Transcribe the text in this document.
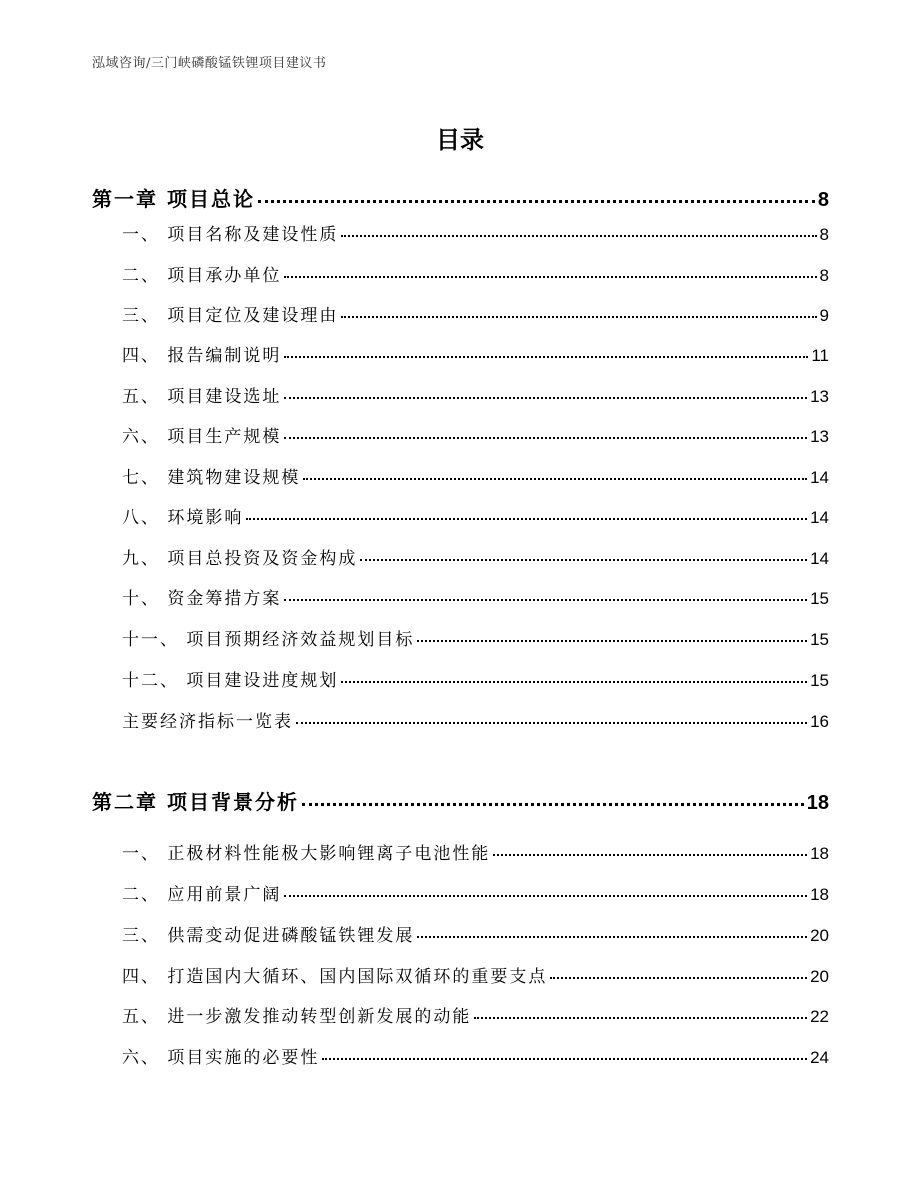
泓域咨询/三门峡磷酸锰铁锂项目建议书
目录
第一章 项目总论	8
一、 项目名称及建设性质	8
二、 项目承办单位	8
三、 项目定位及建设理由	9
四、 报告编制说明	11
五、 项目建设选址	13
六、 项目生产规模	13
七、 建筑物建设规模	14
八、 环境影响	14
九、 项目总投资及资金构成	14
十、 资金筹措方案	15
十一、 项目预期经济效益规划目标	15
十二、 项目建设进度规划	15
主要经济指标一览表	16
第二章 项目背景分析	18
一、 正极材料性能极大影响锂离子电池性能	18
二、 应用前景广阔	18
三、 供需变动促进磷酸锰铁锂发展	20
四、 打造国内大循环、国内国际双循环的重要支点	20
五、 进一步激发推动转型创新发展的动能	22
六、 项目实施的必要性	24
